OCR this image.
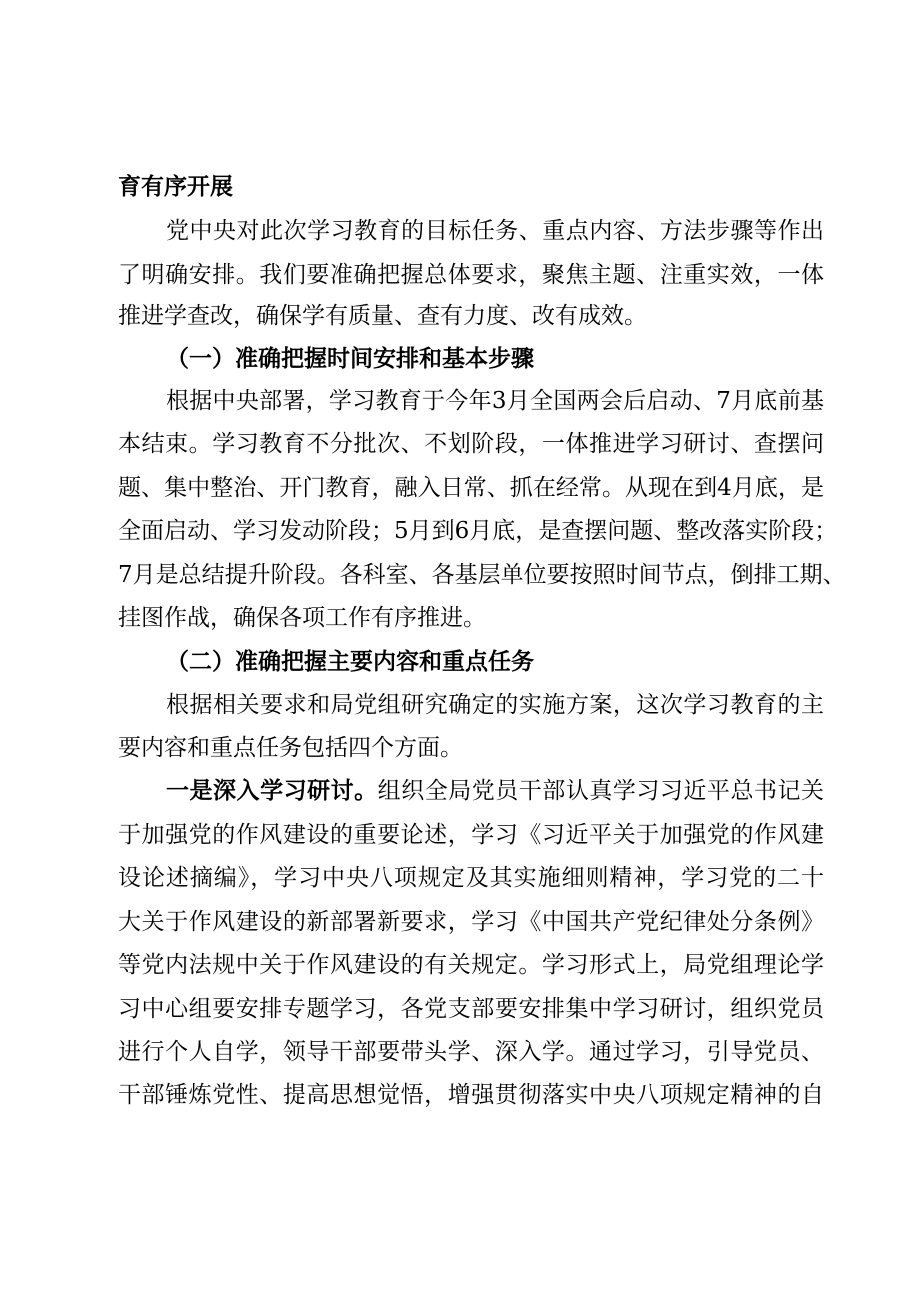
育有序开展
党中央对此次学习教育的目标任务、重点内容、方法步骤等作出
了明确安排。我们要准确把握总体要求，聚焦主题、注重实效，一体
推进学查改，确保学有质量、查有力度、改有成效。
（一）准确把握时间安排和基本步骤
根据中央部署，学习教育于今年3月全国两会后启动、7月底前基
本结束。学习教育不分批次、不划阶段，一体推进学习研讨、查摆问
题、集中整治、开门教育，融入日常、抓在经常。从现在到4月底，是
全面启动、学习发动阶段；5月到6月底，是查摆问题、整改落实阶段；
7月是总结提升阶段。各科室、各基层单位要按照时间节点，倒排工期、
挂图作战，确保各项工作有序推进。
（二）准确把握主要内容和重点任务
根据相关要求和局党组研究确定的实施方案，这次学习教育的主
要内容和重点任务包括四个方面。
一是深入学习研讨。组织全局党员干部认真学习习近平总书记关
于加强党的作风建设的重要论述，学习《习近平关于加强党的作风建
设论述摘编》，学习中央八项规定及其实施细则精神，学习党的二十
大关于作风建设的新部署新要求，学习《中国共产党纪律处分条例》
等党内法规中关于作风建设的有关规定。学习形式上，局党组理论学
习中心组要安排专题学习，各党支部要安排集中学习研讨，组织党员
进行个人自学，领导干部要带头学、深入学。通过学习，引导党员、
干部锤炼党性、提高思想觉悟，增强贯彻落实中央八项规定精神的自
